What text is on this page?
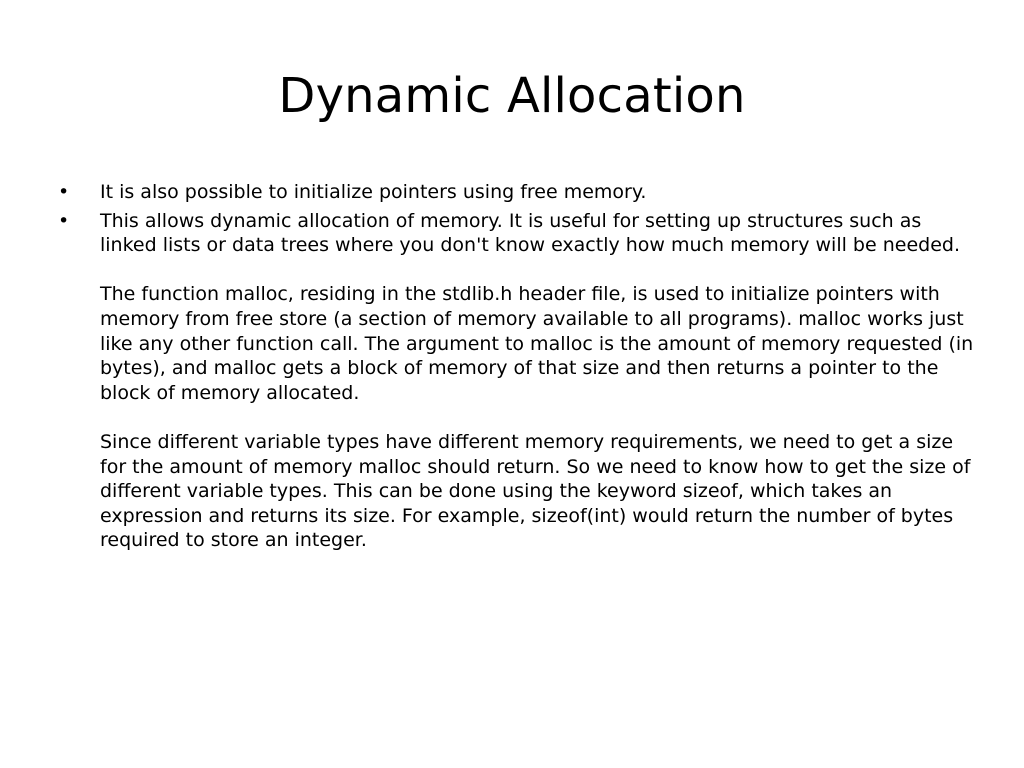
Dynamic Allocation
• It is also possible to initialize pointers using free memory.
• This allows dynamic allocation of memory. It is useful for setting up structures such as linked lists or data trees where you don't know exactly how much memory will be needed.
The function malloc, residing in the stdlib.h header file, is used to initialize pointers with memory from free store (a section of memory available to all programs). malloc works just like any other function call. The argument to malloc is the amount of memory requested (in bytes), and malloc gets a block of memory of that size and then returns a pointer to the block of memory allocated.
Since different variable types have different memory requirements, we need to get a size for the amount of memory malloc should return. So we need to know how to get the size of different variable types. This can be done using the keyword sizeof, which takes an expression and returns its size. For example, sizeof(int) would return the number of bytes required to store an integer.
